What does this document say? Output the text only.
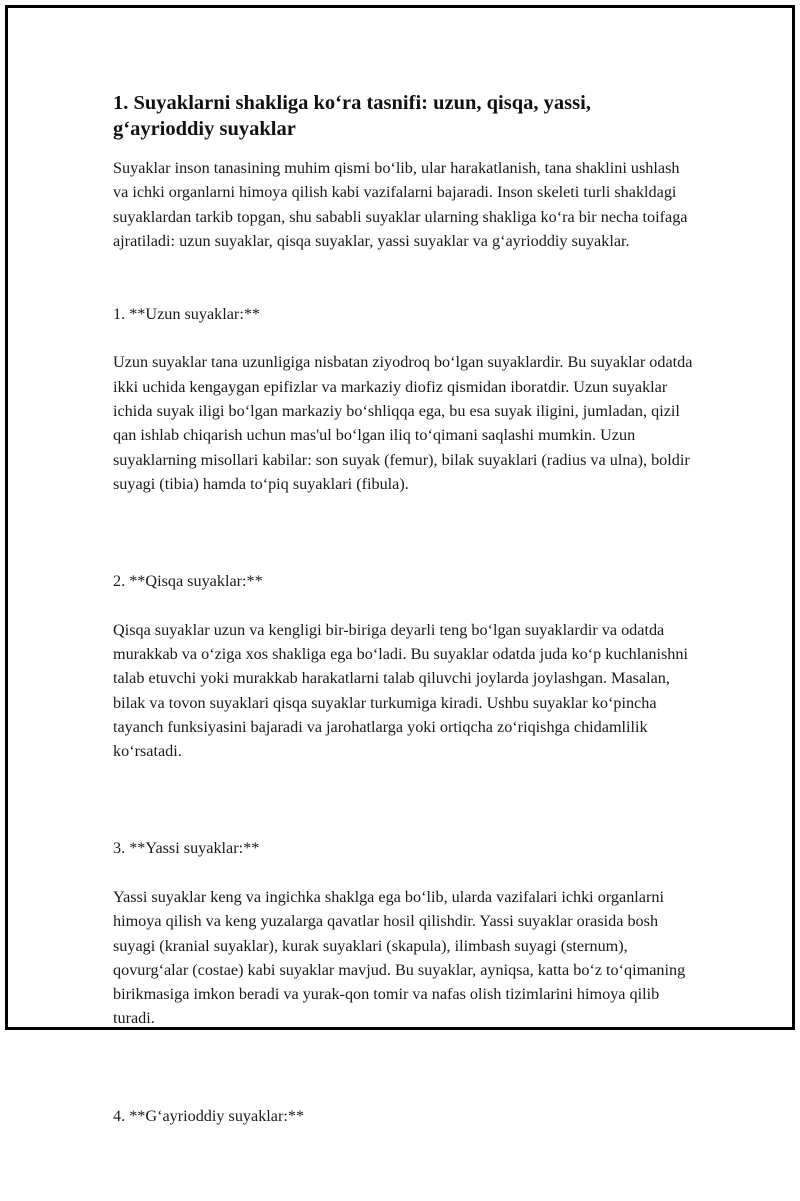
1. Suyaklarni shakliga ko‘ra tasnifi: uzun, qisqa, yassi, g‘ayrioddiy suyaklar

Suyaklar inson tanasining muhim qismi bo‘lib, ular harakatlanish, tana shaklini ushlash va ichki organlarni himoya qilish kabi vazifalarni bajaradi. Inson skeleti turli shakldagi suyaklardan tarkib topgan, shu sababli suyaklar ularning shakliga ko‘ra bir necha toifaga ajratiladi: uzun suyaklar, qisqa suyaklar, yassi suyaklar va g‘ayrioddiy suyaklar.

1. **Uzun suyaklar:**

Uzun suyaklar tana uzunligiga nisbatan ziyodroq bo‘lgan suyaklardir. Bu suyaklar odatda ikki uchida kengaygan epifizlar va markaziy diofiz qismidan iboratdir. Uzun suyaklar ichida suyak iligi bo‘lgan markaziy bo‘shliqqa ega, bu esa suyak iligini, jumladan, qizil qan ishlab chiqarish uchun mas'ul bo‘lgan iliq to‘qimani saqlashi mumkin. Uzun suyaklarning misollari kabilar: son suyak (femur), bilak suyaklari (radius va ulna), boldir suyagi (tibia) hamda to‘piq suyaklari (fibula).

2. **Qisqa suyaklar:**

Qisqa suyaklar uzun va kengligi bir-biriga deyarli teng bo‘lgan suyaklardir va odatda murakkab va o‘ziga xos shakliga ega bo‘ladi. Bu suyaklar odatda juda ko‘p kuchlanishni talab etuvchi yoki murakkab harakatlarni talab qiluvchi joylarda joylashgan. Masalan, bilak va tovon suyaklari qisqa suyaklar turkumiga kiradi. Ushbu suyaklar ko‘pincha tayanch funksiyasini bajaradi va jarohatlarga yoki ortiqcha zo‘riqishga chidamlilik ko‘rsatadi.

3. **Yassi suyaklar:**

Yassi suyaklar keng va ingichka shaklga ega bo‘lib, ularda vazifalari ichki organlarni himoya qilish va keng yuzalarga qavatlar hosil qilishdir. Yassi suyaklar orasida bosh suyagi (kranial suyaklar), kurak suyaklari (skapula), ilimbash suyagi (sternum), qovurg‘alar (costae) kabi suyaklar mavjud. Bu suyaklar, ayniqsa, katta bo‘z to‘qimaning birikmasiga imkon beradi va yurak-qon tomir va nafas olish tizimlarini himoya qilib turadi.

4. **G‘ayrioddiy suyaklar:**
